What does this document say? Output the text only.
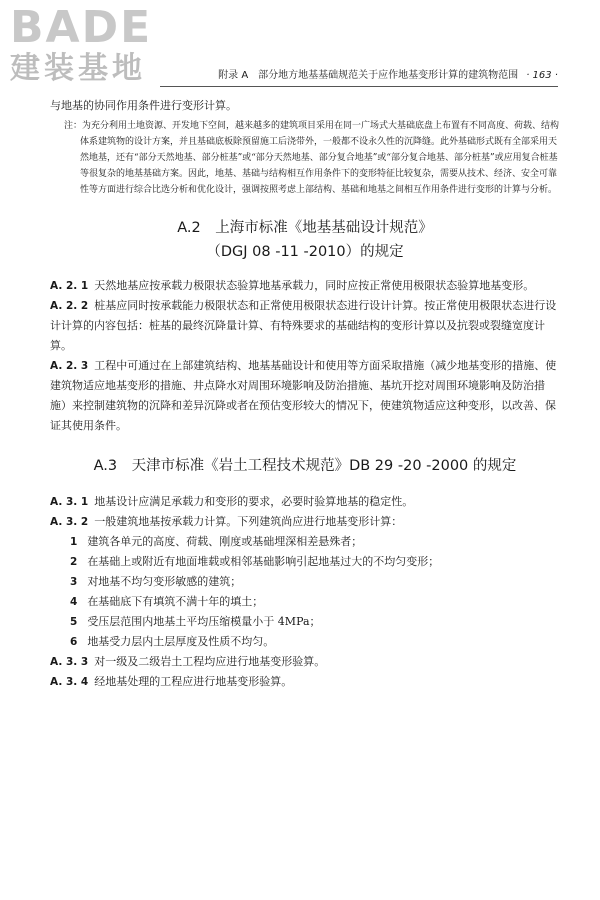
BADE
建装基地	附录 A　部分地方地基基础规范关于应作地基变形计算的建筑物范围 · 163 ·

与地基的协同作用条件进行变形计算。

注：为充分利用土地资源、开发地下空间，越来越多的建筑项目采用在同一广场式大基础底盘上布置有不同高度、荷载、结构体系建筑物的设计方案，并且基础底板除预留施工后浇带外，一般都不设永久性的沉降缝。此外基础形式既有全部采用天然地基，还有“部分天然地基、部分桩基”或“部分天然地基、部分复合地基”或“部分复合地基、部分桩基”或应用复合桩基等很复杂的地基基础方案。因此，地基、基础与结构相互作用条件下的变形特征比较复杂，需要从技术、经济、安全可靠性等方面进行综合比选分析和优化设计，强调按照考虑上部结构、基础和地基之间相互作用条件进行变形的计算与分析。

A.2　上海市标准《地基基础设计规范》
（DGJ 08 -11 -2010）的规定

A. 2. 1 天然地基应按承载力极限状态验算地基承载力，同时应按正常使用极限状态验算地基变形。

A. 2. 2 桩基应同时按承载能力极限状态和正常使用极限状态进行设计计算。按正常使用极限状态进行设计计算的内容包括：桩基的最终沉降量计算、有特殊要求的基础结构的变形计算以及抗裂或裂缝宽度计算。

A. 2. 3 工程中可通过在上部建筑结构、地基基础设计和使用等方面采取措施（减少地基变形的措施、使建筑物适应地基变形的措施、井点降水对周围环境影响及防治措施、基坑开挖对周围环境影响及防治措施）来控制建筑物的沉降和差异沉降或者在预估变形较大的情况下，使建筑物适应这种变形，以改善、保证其使用条件。

A.3　天津市标准《岩土工程技术规范》DB 29 -20 -2000 的规定

A. 3. 1 地基设计应满足承载力和变形的要求，必要时验算地基的稳定性。

A. 3. 2 一般建筑地基按承载力计算。下列建筑尚应进行地基变形计算：

1 建筑各单元的高度、荷载、刚度或基础埋深相差悬殊者；

2 在基础上或附近有地面堆载或相邻基础影响引起地基过大的不均匀变形；

3 对地基不均匀变形敏感的建筑；

4 在基础底下有填筑不满十年的填土；

5 受压层范围内地基土平均压缩模量小于 4MPa；

6 地基受力层内土层厚度及性质不均匀。

A. 3. 3 对一级及二级岩土工程均应进行地基变形验算。

A. 3. 4 经地基处理的工程应进行地基变形验算。
